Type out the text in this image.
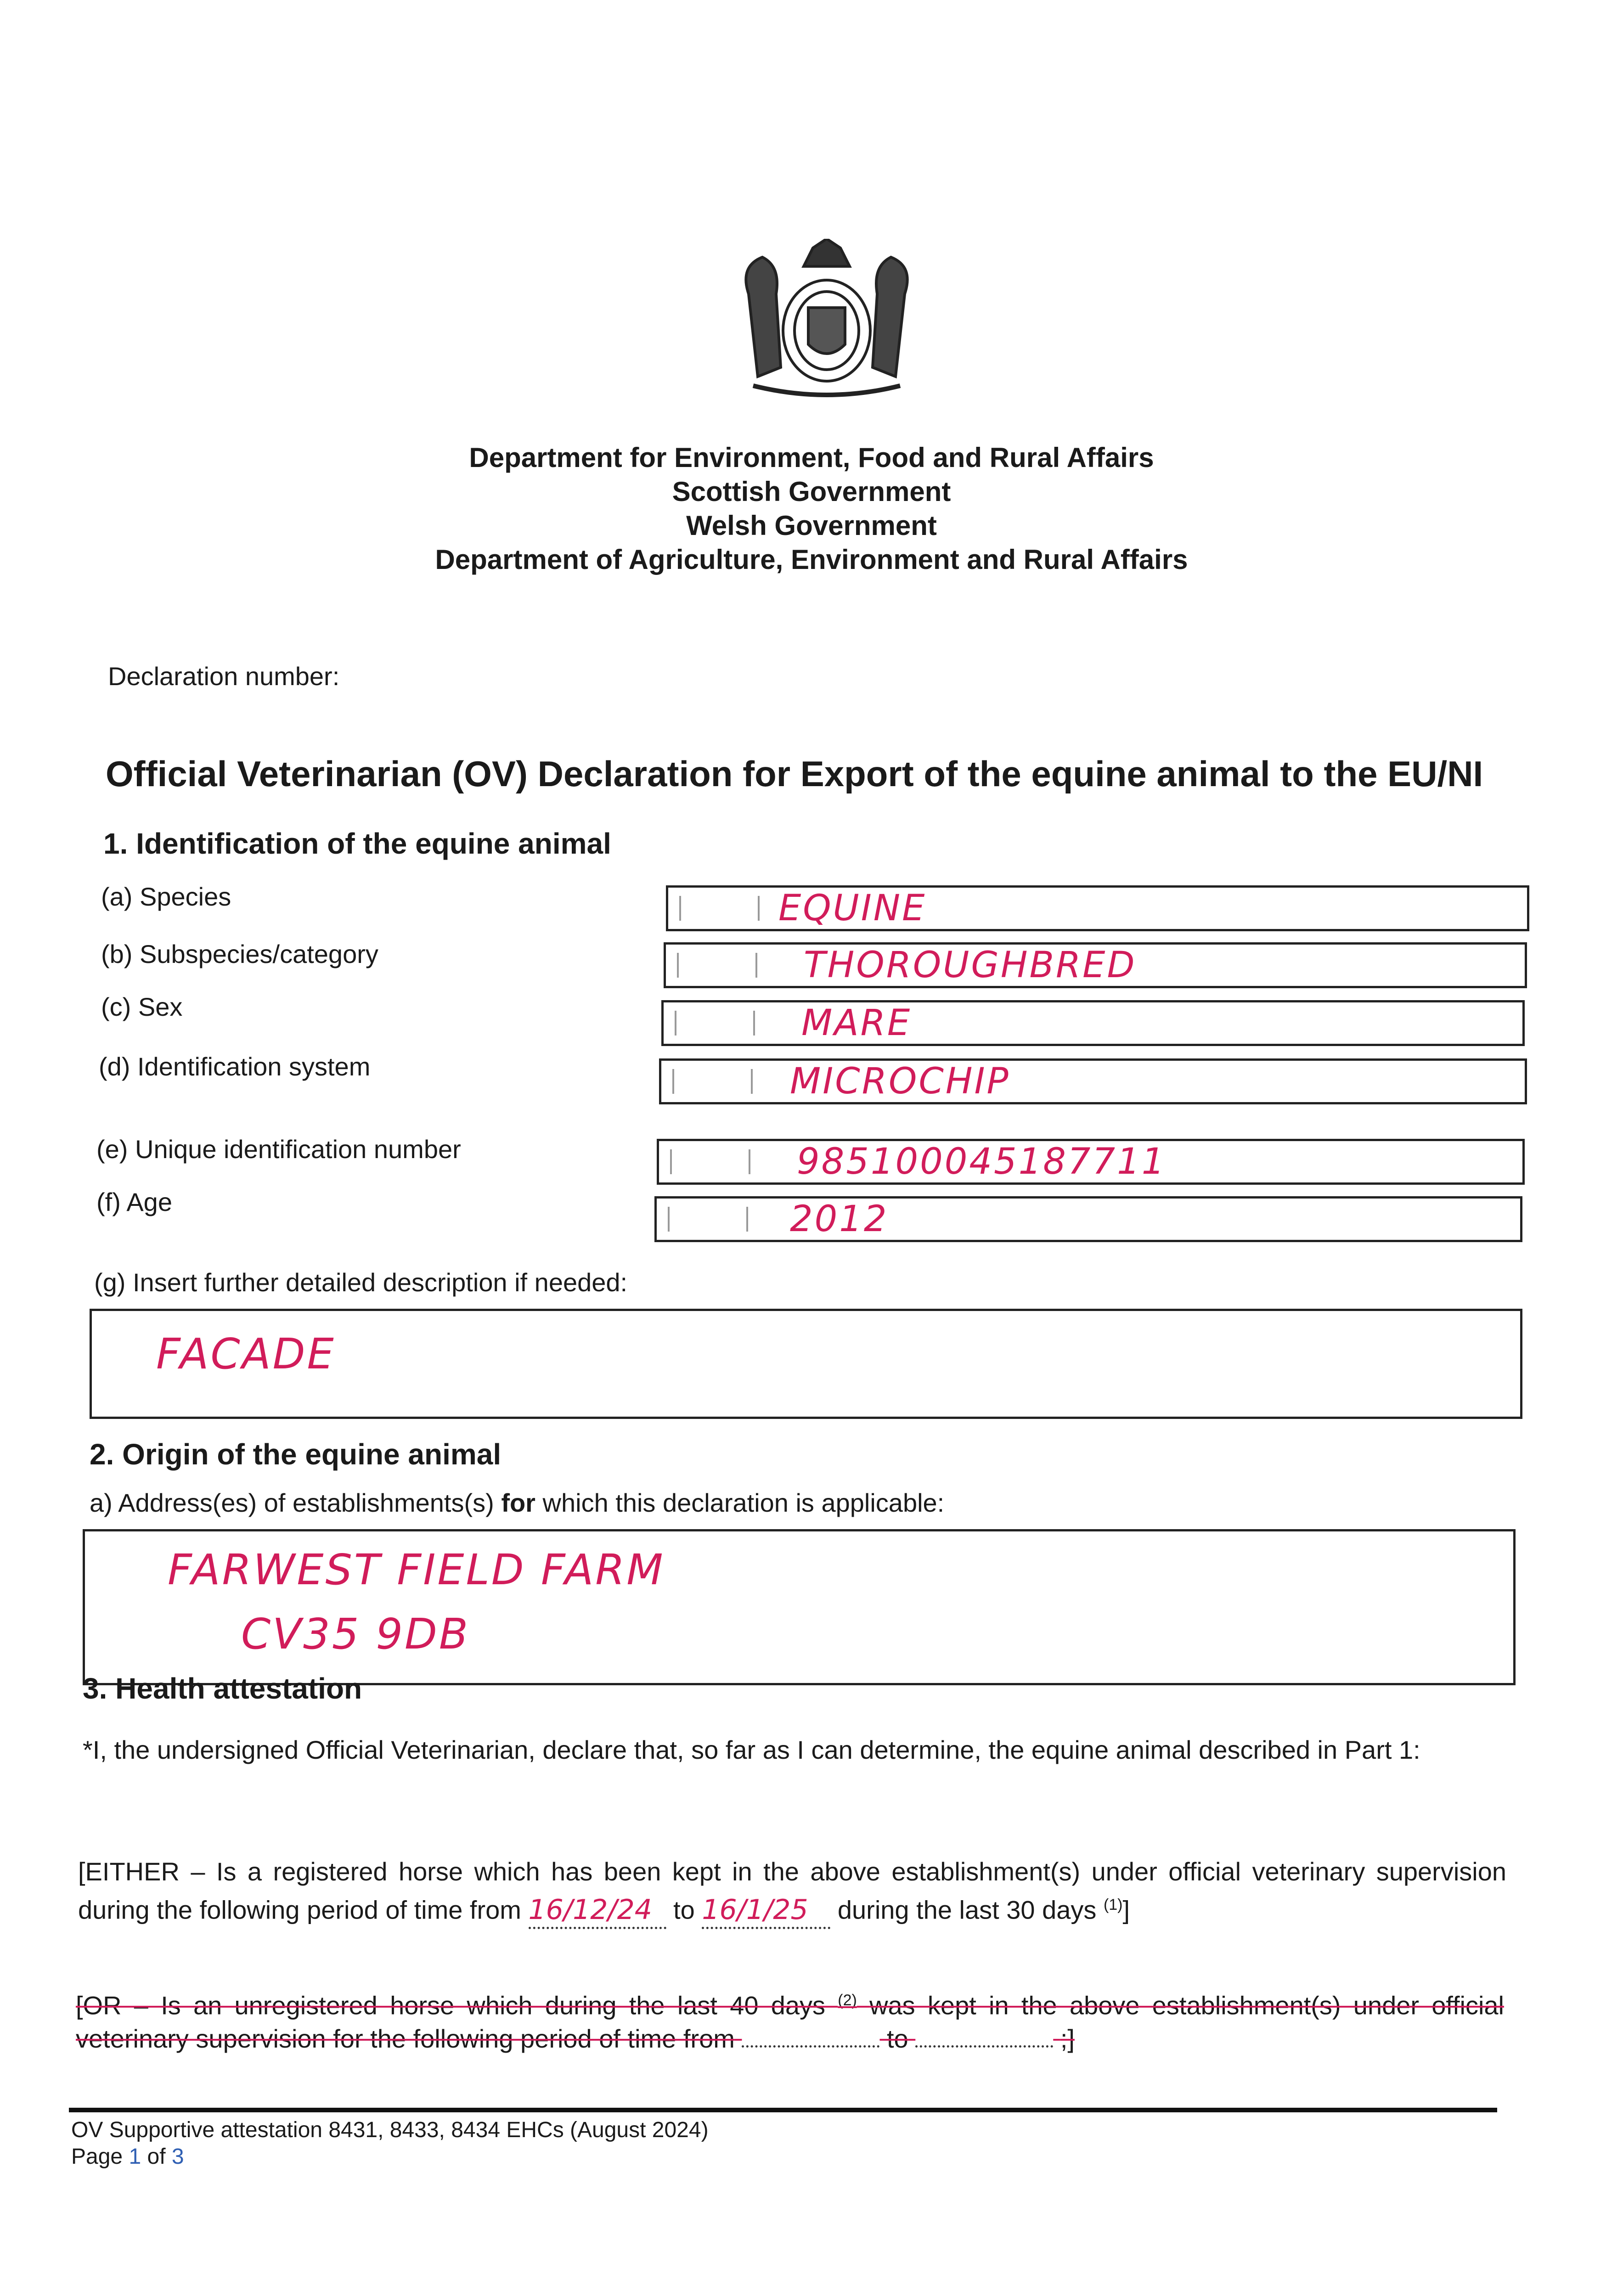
Department for Environment, Food and Rural Affairs
Scottish Government
Welsh Government
Department of Agriculture, Environment and Rural Affairs
Declaration number:
Official Veterinarian (OV) Declaration for Export of the equine animal to the EU/NI
1. Identification of the equine animal
(a) Species	EQUINE
(b) Subspecies/category	THOROUGHBRED
(c) Sex	MARE
(d) Identification system	MICROCHIP
(e) Unique identification number	985100045187711
(f) Age	2012
(g) Insert further detailed description if needed:
FACADE
2. Origin of the equine animal
a) Address(es) of establishments(s) for which this declaration is applicable:
FARWEST FIELD FARM
CV35 9DB
3. Health attestation
*I, the undersigned Official Veterinarian, declare that, so far as I can determine, the equine animal described in Part 1:
[EITHER – Is a registered horse which has been kept in the above establishment(s) under official veterinary supervision during the following period of time from 16/12/24 to 16/1/25 during the last 30 days $^{(1)}$]
[OR – Is an unregistered horse which during the last 40 days $^{(2)}$ was kept in the above establishment(s) under official veterinary supervision for the following period of time from	to	;]
OV Supportive attestation 8431, 8433, 8434 EHCs (August 2024)
Page 1 of 3
